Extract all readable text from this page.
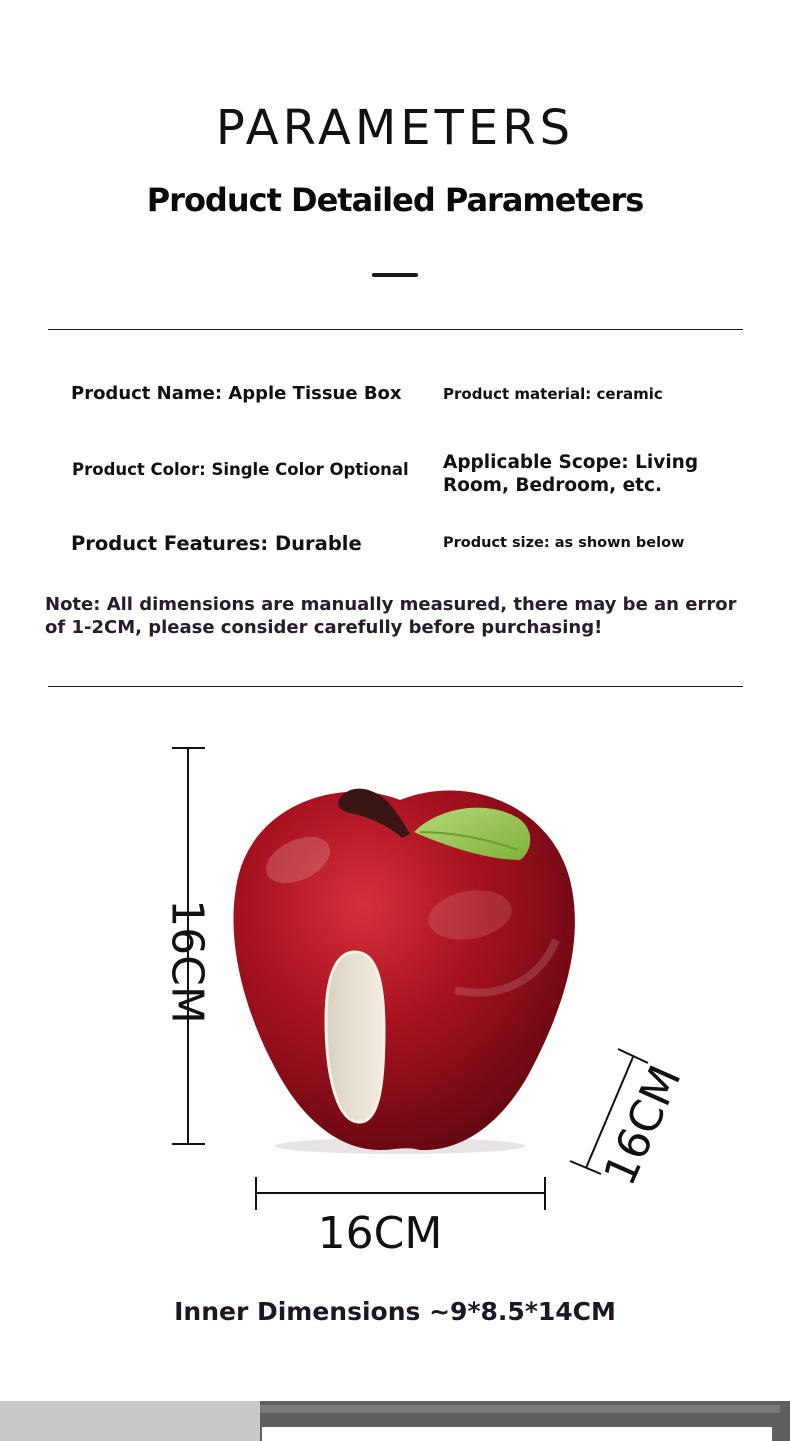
PARAMETERS
Product Detailed Parameters
Product Name: Apple Tissue Box	Product material: ceramic
Product Color: Single Color Optional Applicable Scope: Living Room, Bedroom, etc.
Product Features: Durable	Product size: as shown below
Note: All dimensions are manually measured, there may be an error of 1-2CM, please consider carefully before purchasing!
16CM
16CM
16CM
Inner Dimensions ~9*8.5*14CM
